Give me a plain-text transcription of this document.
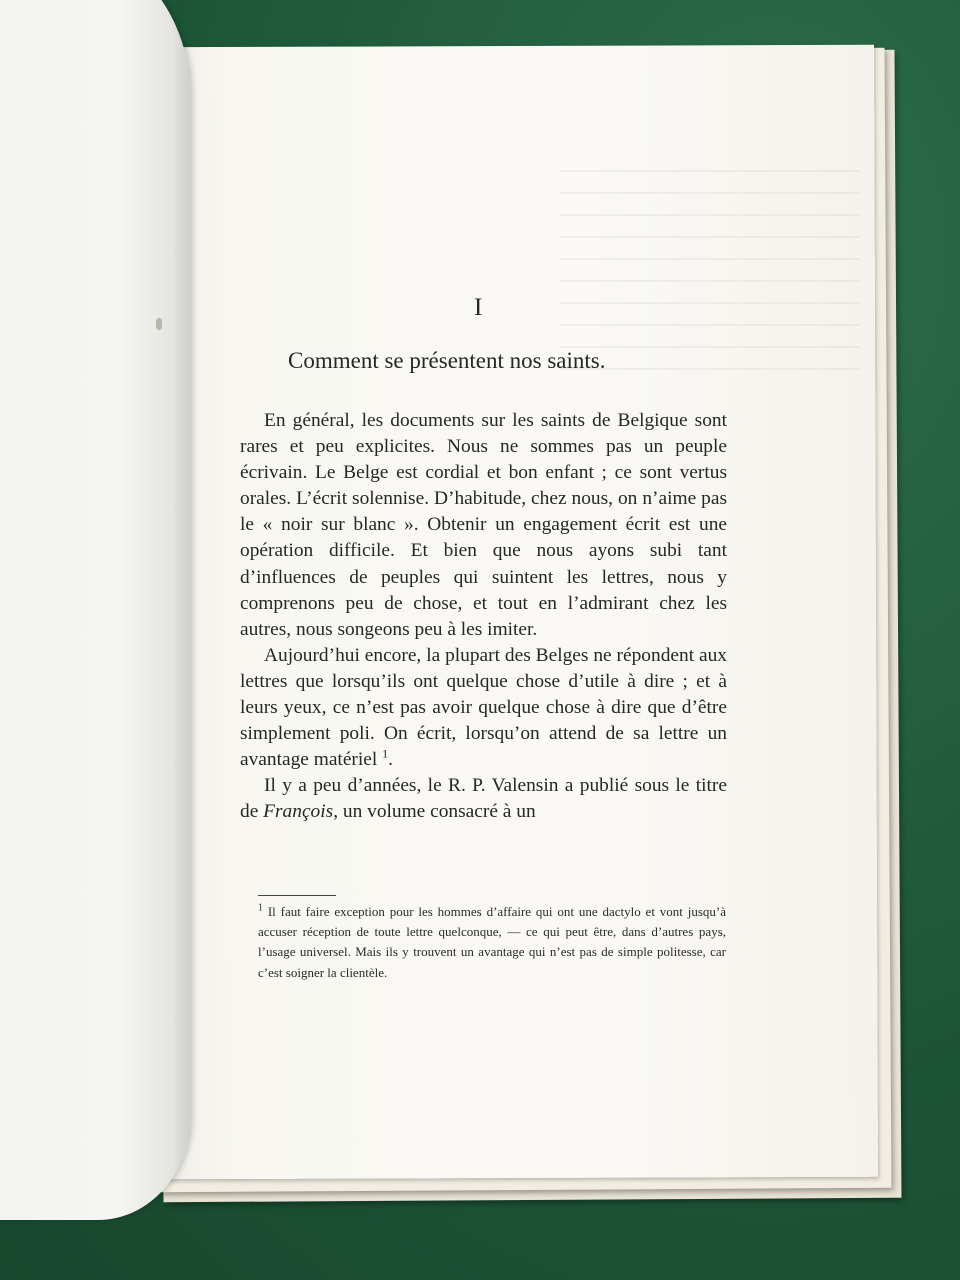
I
Comment se présentent nos saints.

En général, les documents sur les saints de Belgique sont rares et peu explicites. Nous ne sommes pas un peuple écrivain. Le Belge est cordial et bon enfant ; ce sont vertus orales. L’écrit solennise. D’habitude, chez nous, on n’aime pas le « noir sur blanc ». Obtenir un engagement écrit est une opération difficile. Et bien que nous ayons subi tant d’influences de peuples qui suintent les lettres, nous y comprenons peu de chose, et tout en l’admirant chez les autres, nous songeons peu à les imiter.

Aujourd’hui encore, la plupart des Belges ne répondent aux lettres que lorsqu’ils ont quelque chose d’utile à dire ; et à leurs yeux, ce n’est pas avoir quelque chose à dire que d’être simplement poli. On écrit, lorsqu’on attend de sa lettre un avantage matériel $^1$.

Il y a peu d’années, le R. P. Valensin a publié sous le titre de François, un volume consacré à un

$^1$ Il faut faire exception pour les hommes d’affaire qui ont une dactylo et vont jusqu’à accuser réception de toute lettre quelconque, — ce qui peut être, dans d’autres pays, l’usage universel. Mais ils y trouvent un avantage qui n’est pas de simple politesse, car c’est soigner la clientèle.
